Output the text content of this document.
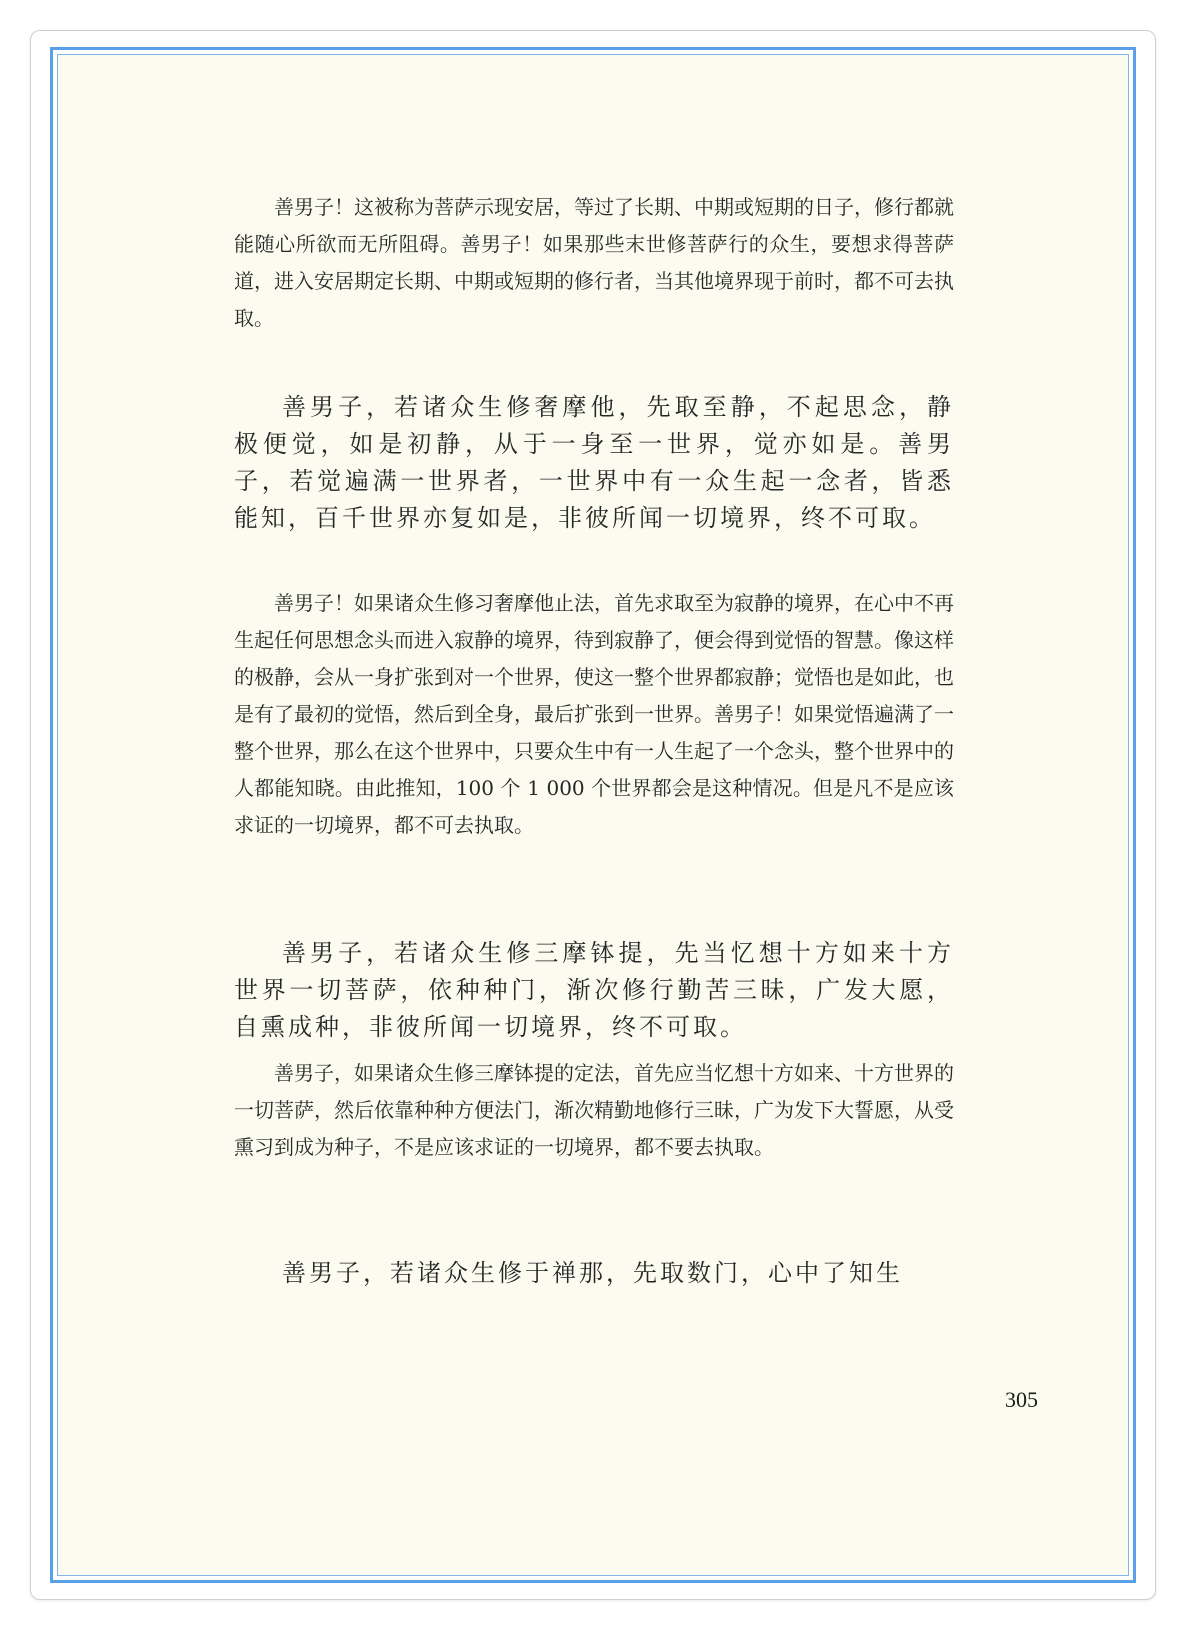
善男子！这被称为菩萨示现安居，等过了长期、中期或短期的日子，修行都就能随心所欲而无所阻碍。善男子！如果那些末世修菩萨行的众生，要想求得菩萨道，进入安居期定长期、中期或短期的修行者，当其他境界现于前时，都不可去执取。

善男子，若诸众生修奢摩他，先取至静，不起思念，静极便觉，如是初静，从于一身至一世界，觉亦如是。善男子，若觉遍满一世界者，一世界中有一众生起一念者，皆悉能知，百千世界亦复如是，非彼所闻一切境界，终不可取。

善男子！如果诸众生修习奢摩他止法，首先求取至为寂静的境界，在心中不再生起任何思想念头而进入寂静的境界，待到寂静了，便会得到觉悟的智慧。像这样的极静，会从一身扩张到对一个世界，使这一整个世界都寂静；觉悟也是如此，也是有了最初的觉悟，然后到全身，最后扩张到一世界。善男子！如果觉悟遍满了一整个世界，那么在这个世界中，只要众生中有一人生起了一个念头，整个世界中的人都能知晓。由此推知，100 个 1 000 个世界都会是这种情况。但是凡不是应该求证的一切境界，都不可去执取。

善男子，若诸众生修三摩钵提，先当忆想十方如来十方世界一切菩萨，依种种门，渐次修行勤苦三昧，广发大愿，自熏成种，非彼所闻一切境界，终不可取。

善男子，如果诸众生修三摩钵提的定法，首先应当忆想十方如来、十方世界的一切菩萨，然后依靠种种方便法门，渐次精勤地修行三昧，广为发下大誓愿，从受熏习到成为种子，不是应该求证的一切境界，都不要去执取。

善男子，若诸众生修于禅那，先取数门，心中了知生

305
